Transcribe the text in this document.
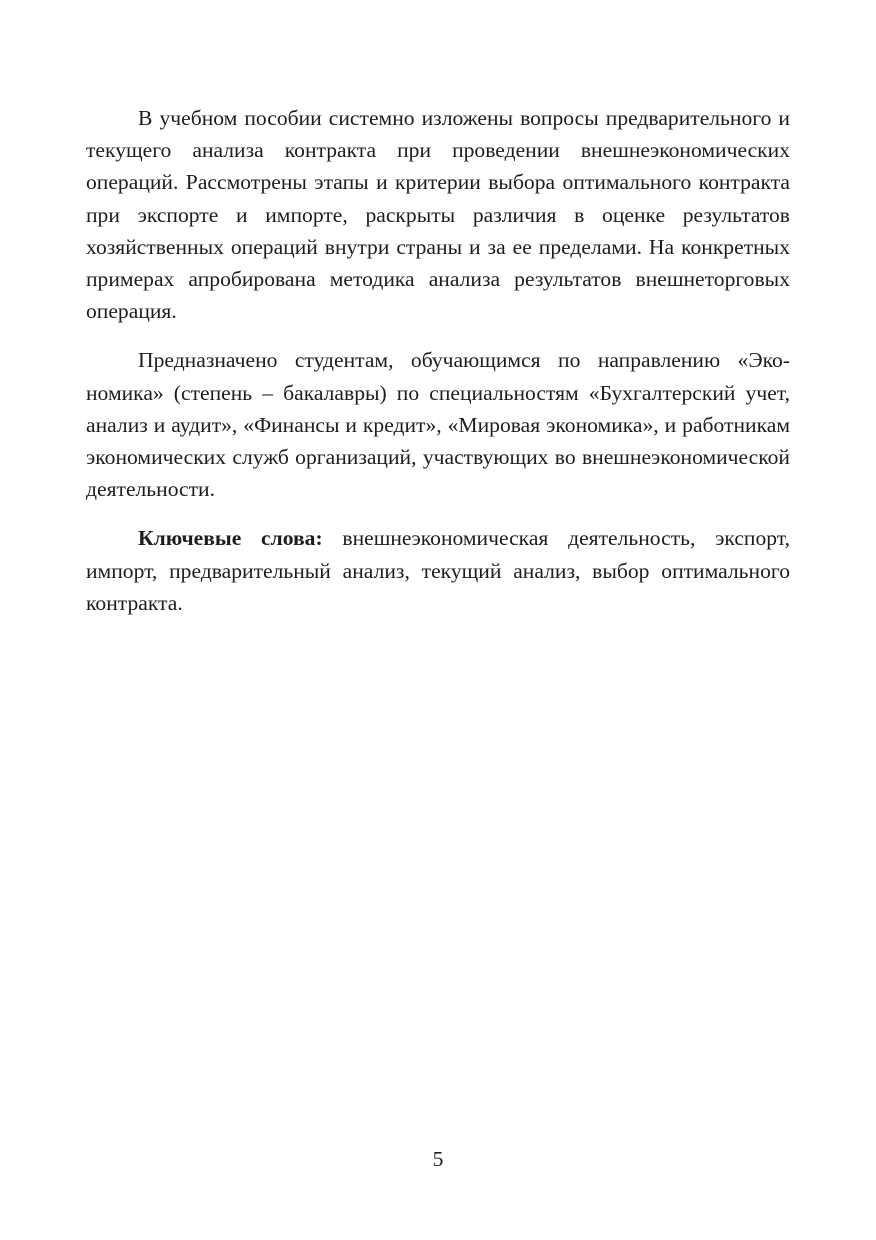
В учебном пособии системно изложены вопросы предварительного и текущего анализа контракта при проведении внешнеэкономических операций. Рассмотрены этапы и критерии выбора оптимального контракта при экспорте и импорте, раскрыты различия в оценке результатов хозяйственных операций внутри страны и за ее пределами. На конкретных примерах апробирована методика анализа результатов внешнеторговых операция.

Предназначено студентам, обучающимся по направлению «Экономика» (степень – бакалавры) по специальностям «Бухгалтерский учет, анализ и аудит», «Финансы и кредит», «Мировая экономика», и работникам экономических служб организаций, участвующих во внешнеэкономической деятельности.

Ключевые слова: внешнеэкономическая деятельность, экспорт, импорт, предварительный анализ, текущий анализ, выбор оптимального контракта.

5
